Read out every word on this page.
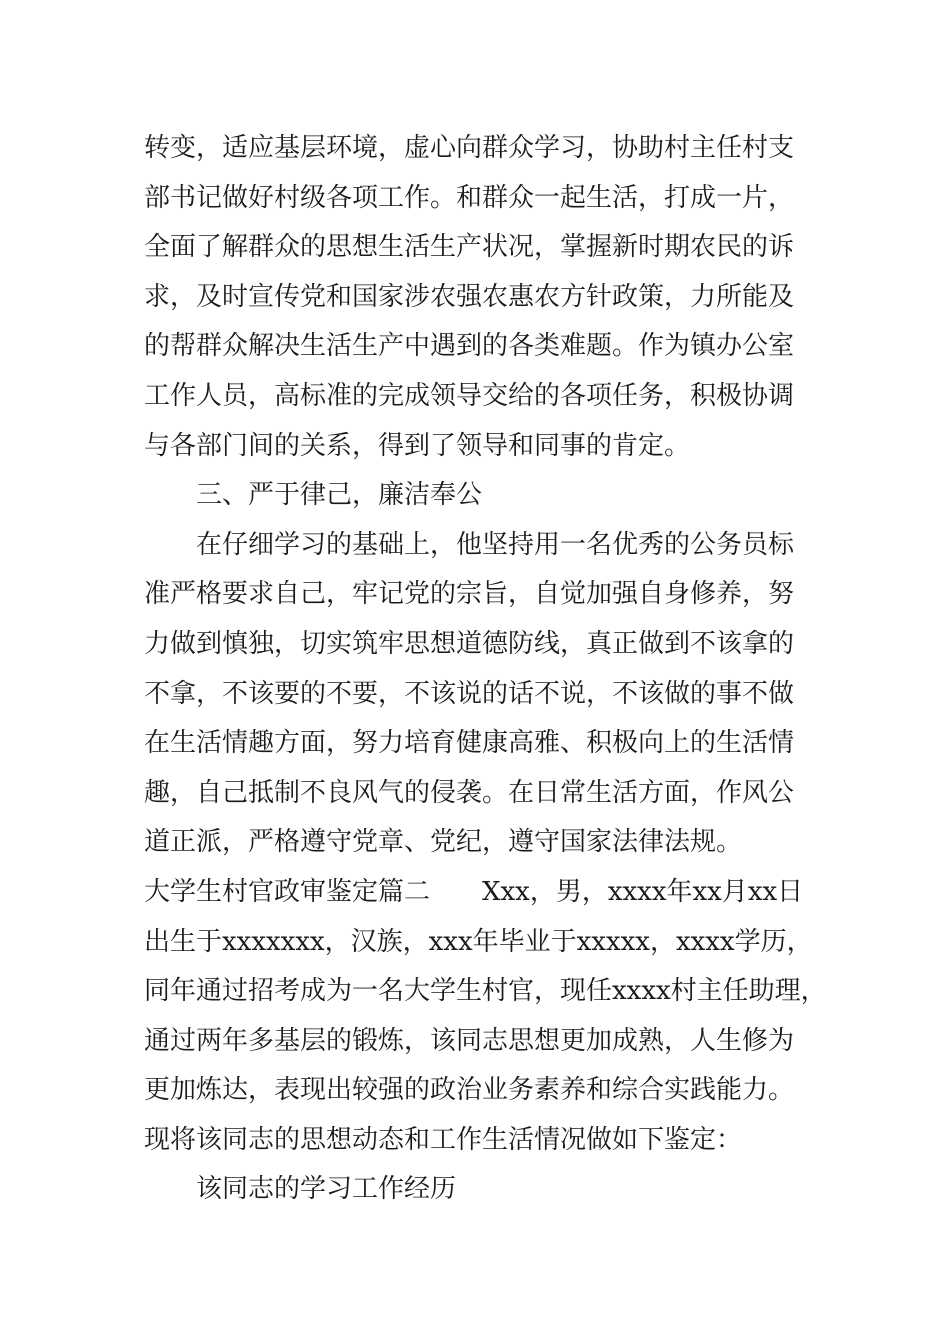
转变，适应基层环境，虚心向群众学习，协助村主任村支
部书记做好村级各项工作。和群众一起生活，打成一片，
全面了解群众的思想生活生产状况，掌握新时期农民的诉
求，及时宣传党和国家涉农强农惠农方针政策，力所能及
的帮群众解决生活生产中遇到的各类难题。作为镇办公室
工作人员，高标准的完成领导交给的各项任务，积极协调
与各部门间的关系，得到了领导和同事的肯定。
三、严于律己，廉洁奉公
在仔细学习的基础上，他坚持用一名优秀的公务员标
准严格要求自己，牢记党的宗旨，自觉加强自身修养，努
力做到慎独，切实筑牢思想道德防线，真正做到不该拿的
不拿，不该要的不要，不该说的话不说，不该做的事不做
在生活情趣方面，努力培育健康高雅、积极向上的生活情
趣，自己抵制不良风气的侵袭。在日常生活方面，作风公
道正派，严格遵守党章、党纪，遵守国家法律法规。
大学生村官政审鉴定篇二　　Xxx，男，xxxx年xx月xx日
出生于xxxxxxx，汉族，xxx年毕业于xxxxx，xxxx学历，
同年通过招考成为一名大学生村官，现任xxxx村主任助理，
通过两年多基层的锻炼，该同志思想更加成熟，人生修为
更加炼达，表现出较强的政治业务素养和综合实践能力。
现将该同志的思想动态和工作生活情况做如下鉴定：
该同志的学习工作经历
